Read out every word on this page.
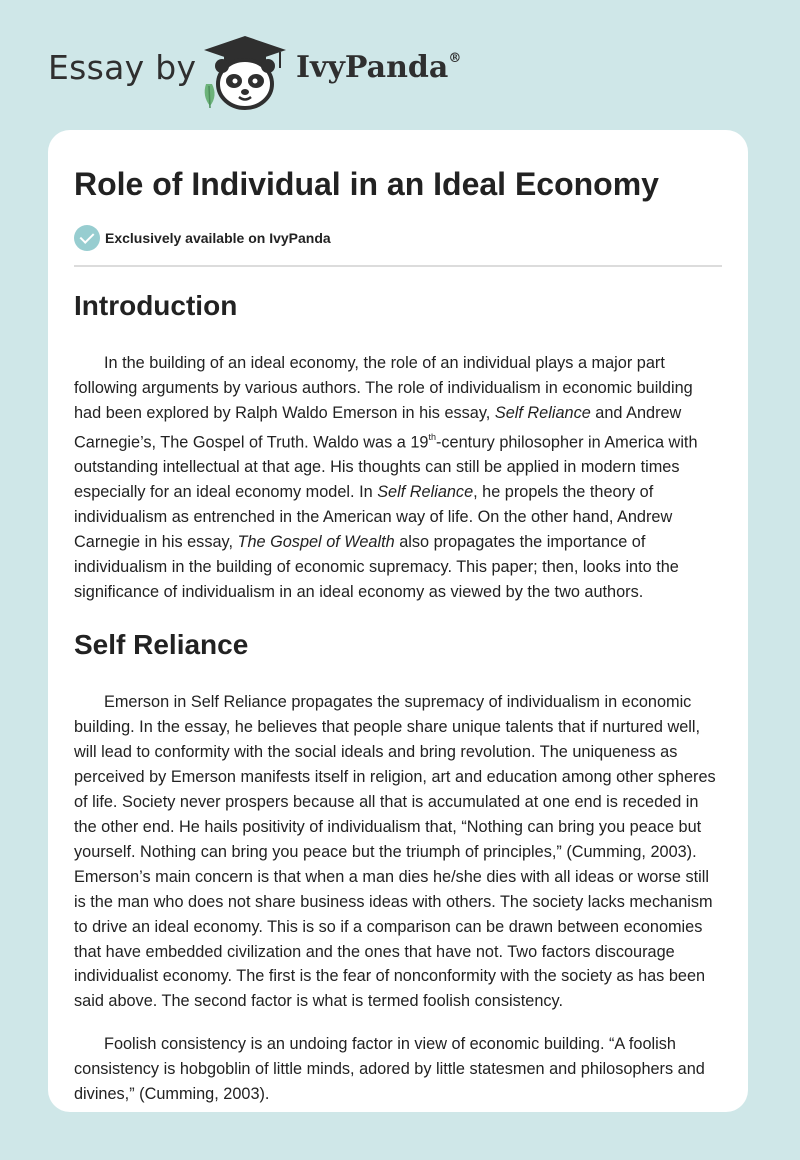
Essay by	IvyPanda®
Role of Individual in an Ideal Economy
Exclusively available on IvyPanda
Introduction

In the building of an ideal economy, the role of an individual plays a major part following arguments by various authors. The role of individualism in economic building had been explored by Ralph Waldo Emerson in his essay, Self Reliance and Andrew Carnegie’s, The Gospel of Truth. Waldo was a 19th-century philosopher in America with outstanding intellectual at that age. His thoughts can still be applied in modern times especially for an ideal economy model. In Self Reliance, he propels the theory of individualism as entrenched in the American way of life. On the other hand, Andrew Carnegie in his essay, The Gospel of Wealth also propagates the importance of individualism in the building of economic supremacy. This paper; then, looks into the significance of individualism in an ideal economy as viewed by the two authors.

Self Reliance

Emerson in Self Reliance propagates the supremacy of individualism in economic building. In the essay, he believes that people share unique talents that if nurtured well, will lead to conformity with the social ideals and bring revolution. The uniqueness as perceived by Emerson manifests itself in religion, art and education among other spheres of life. Society never prospers because all that is accumulated at one end is receded in the other end. He hails positivity of individualism that, “Nothing can bring you peace but yourself. Nothing can bring you peace but the triumph of principles,” (Cumming, 2003). Emerson’s main concern is that when a man dies he/she dies with all ideas or worse still is the man who does not share business ideas with others. The society lacks mechanism to drive an ideal economy. This is so if a comparison can be drawn between economies that have embedded civilization and the ones that have not. Two factors discourage individualist economy. The first is the fear of nonconformity with the society as has been said above. The second factor is what is termed foolish consistency.

Foolish consistency is an undoing factor in view of economic building. “A foolish consistency is hobgoblin of little minds, adored by little statesmen and philosophers and divines,” (Cumming, 2003).
